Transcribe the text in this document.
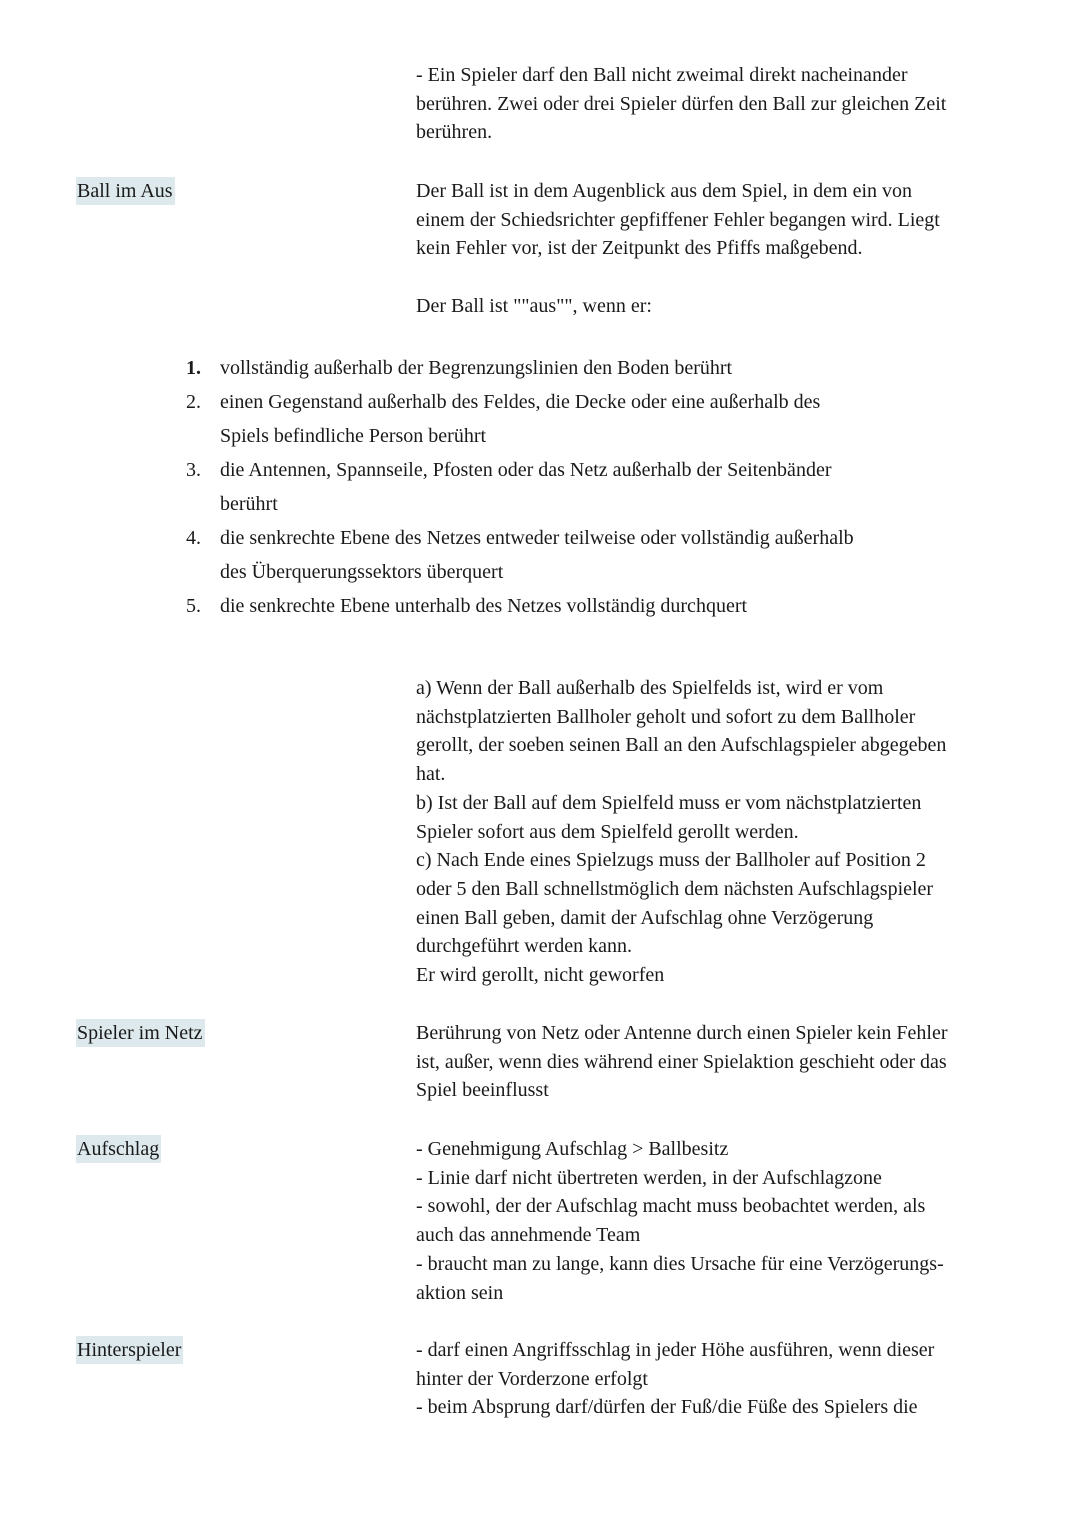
- Ein Spieler darf den Ball nicht zweimal direkt nacheinander

berühren. Zwei oder drei Spieler dürfen den Ball zur gleichen Zeit

berühren.

Ball im Aus	Der Ball ist in dem Augenblick aus dem Spiel, in dem ein von

einem der Schiedsrichter gepfiffener Fehler begangen wird. Liegt

kein Fehler vor, ist der Zeitpunkt des Pfiffs maßgebend.

Der Ball ist ""aus"", wenn er:

1. vollständig außerhalb der Begrenzungslinien den Boden berührt
2. einen Gegenstand außerhalb des Feldes, die Decke oder eine außerhalb des
Spiels befindliche Person berührt
3. die Antennen, Spannseile, Pfosten oder das Netz außerhalb der Seitenbänder
berührt
4. die senkrechte Ebene des Netzes entweder teilweise oder vollständig außerhalb
des Überquerungssektors überquert
5. die senkrechte Ebene unterhalb des Netzes vollständig durchquert

a) Wenn der Ball außerhalb des Spielfelds ist, wird er vom

nächstplatzierten Ballholer geholt und sofort zu dem Ballholer

gerollt, der soeben seinen Ball an den Aufschlagspieler abgegeben

hat.

b) Ist der Ball auf dem Spielfeld muss er vom nächstplatzierten

Spieler sofort aus dem Spielfeld gerollt werden.

c) Nach Ende eines Spielzugs muss der Ballholer auf Position 2

oder 5 den Ball schnellstmöglich dem nächsten Aufschlagspieler

einen Ball geben, damit der Aufschlag ohne Verzögerung

durchgeführt werden kann.

Er wird gerollt, nicht geworfen

Spieler im Netz	Berührung von Netz oder Antenne durch einen Spieler kein Fehler

ist, außer, wenn dies während einer Spielaktion geschieht oder das

Spiel beeinflusst

Aufschlag	- Genehmigung Aufschlag > Ballbesitz

- Linie darf nicht übertreten werden, in der Aufschlagzone

- sowohl, der der Aufschlag macht muss beobachtet werden, als

auch das annehmende Team

- braucht man zu lange, kann dies Ursache für eine Verzögerungs-

aktion sein

Hinterspieler	- darf einen Angriffsschlag in jeder Höhe ausführen, wenn dieser

hinter der Vorderzone erfolgt

- beim Absprung darf/dürfen der Fuß/die Füße des Spielers die
